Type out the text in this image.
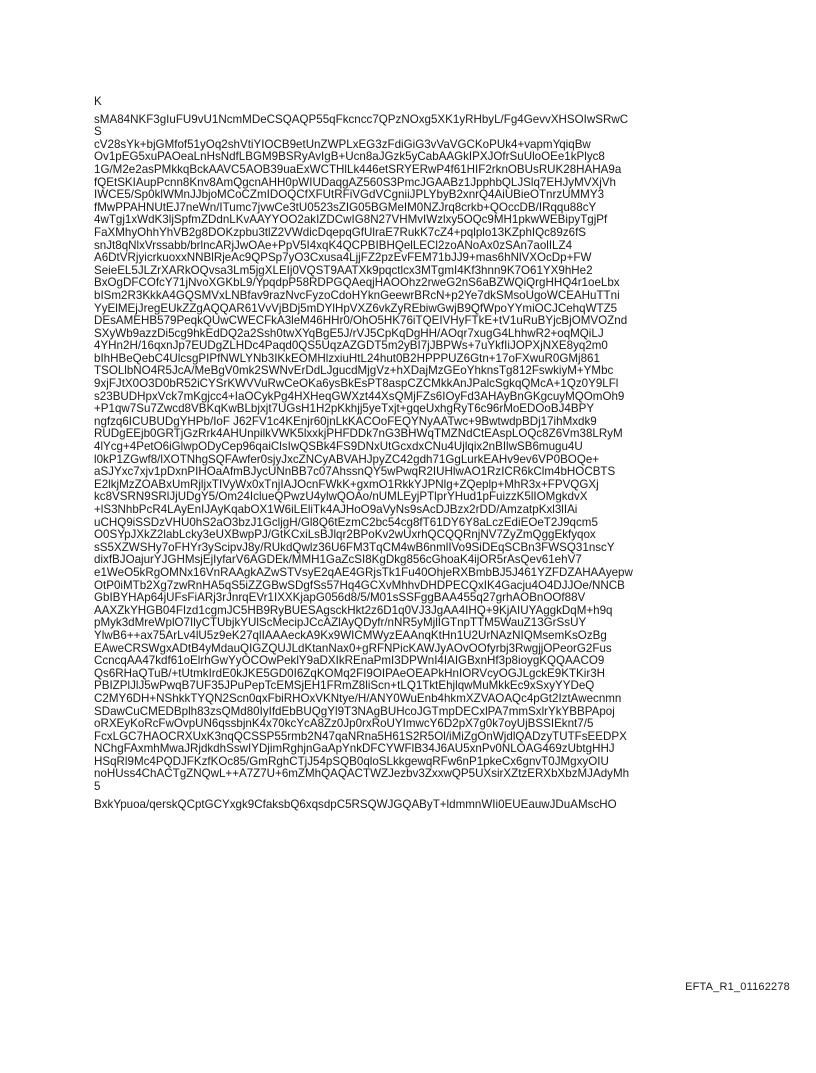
K
sMA84NKF3gIuFU9vU1NcmMDeCSQAQP55qFkcncc7QPzNOxg5XK1yRHbyL/Fg4GevvXHSOIwSRwC
S
cV28sYk+bjGMfof51yOq2shVtiYIOCB9etUnZWPLxEG3zFdiGiG3vVaVGCKoPUk4+vapmYqiqBw
Ov1pEG5xuPAOeaLnHsNdfLBGM9BSRyAvIgB+Ucn8aJGzk5yCabAAGkIPXJOfrSuUloOEe1kPlyc8
1G/M2e2asPMkkqBckAAVC5AOB39uaExWCTHlLk446etSRYERwP4f61HIF2rknOBUsRUK28HAHA9a
fQEtSKIAupPcnn8Knv8AmQgcnAHH0pWIUDaqgAZ560S3PmcJGAABz1JpphbQLJSlq7EHJyMVXjVh
IWCE5/Sp0klWMnJJbjoMCoCZmIDOQCfXFUtRFiVGdVCgniiJPLYbyB2xnrQ4AiUBieOTnrzUMMY3
fMwPPAHNUtEJ7neWn/ITumc7jvwCe3tU0523sZIG05BGMeIM0NZJrq8crkb+QOccDB/IRqqu88cY
4wTgj1xWdK3ljSpfmZDdnLKvAAYYOO2akIZDCwIG8N27VHMvIWzlxy5OQc9MH1pkwWEBipyTgjPf
FaXMhyOhhYhVB2g8DOKzpbu3tlZ2VWdicDqepqGfUlraE7RukK7cZ4+pqlplo13KZphIQc89z6fS
snJt8qNlxVrssabb/brlncARjJwOAe+PpV5I4xqK4QCPBIBHQelLECl2zoANoAx0zSAn7aolILZ4
A6DtVRjyicrkuoxxNNBlRjeAc9QPSp7yO3Cxusa4LjjFZ2pzEvFEM71bJJ9+mas6hNlVXOcDp+FW
SeieEL5JLZrXARkOQvsa3Lm5jgXLEIj0VQST9AATXk9pqctlcx3MTgmI4Kf3hnn9K7O61YX9hHe2
BxOgDFCOfcY71jNvoXGKbL9/YpqdpP58RDPGQAeqjHAOOhz2rweG2nS6aBZWQiQrgHHQ4r1oeLbx
bISm2R3KkkA4GQSMVxLNBfav9razNvcFyzoCdoHYknGeewrBRcN+p2Ye7dkSMsoUgoWCEAHuTTni
YyElMEjJregEUkZZgAQQAR61VvVjBDj5mDYlHpVXZ6vkZyREbiwGwjB9QfWpoYYmiOCJCehqWTZ5
DEsAMEHB579PeqkQUwCWECFkA3leM46HHr0/OhO5HK76iTQEIVHyFTkE+tV1uRuBYjcBjOMVOZnd
SXyWb9azzDi5cg9hkEdDQ2a2Ssh0twXYqBgE5J/rVJ5CpKqDgHH/AOqr7xugG4LhhwR2+oqMQiLJ
4YHn2H/16qxnJp7EUDgZLHDc4Paqd0QS5UqzAZGDT5m2yBI7jJBPWs+7uYkfIiJOPXjNXE8yq2m0
bIhHBeQebC4UlcsgPIPfNWLYNb3IKkEOMHlzxiuHtL24hut0B2HPPPUZ6Gtn+17oFXwuR0GMj861
TSOLlbNO4R5JcA/MeBgV0mk2SWNvErDdLJgucdMjgVz+hXDajMzGEoYhknsTg812FswkiyM+YMbc
9xjFJtX0O3D0bR52iCYSrKWVVuRwCeOKa6ysBkEsPT8aspCZCMkkAnJPalcSgkqQMcA+1Qz0Y9LFl
s23BUDHpxVck7mKgjcc4+IaOCykPg4HXHeqGWXzt44XsQMjFZs6IOyFd3AHAyBnGKgcuyMQOmOh9
+P1qw7Su7Zwcd8VBKqKwBLbjxjt7UGsH1H2pKkhjj5yeTxjt+gqeUxhgRyT6c96rMoEDOoBJ4BPY
ngfzq6ICUBUDgYHPb/IoF J62FV1c4KEnjr60jnLkKACOoFEQYNyAATwc+9BwtwdpBDj17ihMxdk9
RUDgEEjb0GRTjGzRrk4AHUnpilkVWK5lxxkjPHFDDk7nG3BHWqTMZNdCtEAspLOQc8Z6Vm38LRyM
4lYcg+4PetO6iGlwpODyCep96qaiClsIwQSBk4FS9DNxUtGcxdxCNu4Ujlqix2nBIlwSB6mugu4U
l0kP1ZGwf8/lXOTNhgSQFAwfer0sjyJxcZNCyABVAHJpyZC42gdh71GgLurkEAHv9ev6VP0BOQe+
aSJYxc7xjv1pDxnPIHOaAfmBJycUNnBB7c07AhssnQY5wPwqR2IUHlwAO1RzICR6kClm4bHOCBTS
E2lkjMzZOABxUmRjljxTIVyWx0xTnjIAJOcnFWkK+gxmO1RkkYJPNlg+ZQeplp+MhR3x+FPVQGXj
kc8VSRN9SRlJjUDgY5/Om24IclueQPwzU4ylwQOAo/nUMLEyjPTlprYHud1pFuizzK5lIOMgkdvX
+lS3NhbPcR4LAyEnIJAyKqabOX1W6iLEliTk4AJHoO9aVyNs9sAcDJBzx2rDD/AmzatpKxl3lIAi
uCHQ9iSSDzVHU0hS2aO3bzJ1GcljgH/Gl8Q6tEzmC2bc54cg8fT61DY6Y8aLczEdiEOeT2J9qcm5
O0SYpJXkZ2labLcky3eUXBwpPJ/GtKCxiLsBJlqr2BPoKv2wUxrhQCQQRnjNV7ZyZmQggEkfyqox
sS5XZWSHy7oFHYr3yScipvJ8y/RUkdQwlz36U6FM3TqCM4wB6nmlIVo9SiDEqSCBn3FWSQ31nscY
dixfBJOajurYJGHMsjEjIyfarV6AGDEk/MMH1GaZcSI8KgDkg856cGhoaK4ijOR5rAsQev61ehV7
e1WeO5kRgOMNx16VnRAAgkAZwSTVsyE2qAE4GRjsTk1Fu40OhjeRXBmbBJ5J461YZFDZAHAAyepw
OtP0iMTb2Xg7zwRnHA5qS5iZZGBwSDgfSs57Hq4GCXvMhhvDHDPECQxIK4Gacju4O4DJJOe/NNCB
GbIBYHAp64jUFsFiARj3rJnrqEVr1IXXKjapG056d8/5/M01sSSFggBAA455q27grhAOBnOOf88V
AAXZkYHGB04FIzd1cgmJC5HB9RyBUESAgsckHkt2z6D1q0VJ3JgAA4IHQ+9KjAIUYAggkDqM+h9q
pMyk3dMreWplO7IlyCTUbjkYUlScMecipJCcAZlAyQDyfr/nNR5yMjlIGTnpTTM5WauZ13GrSsUY
YlwB6++ax75ArLv4lU5z9eK27qlIAAAeckA9Kx9WICMWyzEAAnqKtHn1U2UrNAzNIQMsemKsOzBg
EAweCRSWgxADtB4yMdauQIGZQUJLdKtanNax0+gRFNPicKAWJyAOvOOfyrbj3RwgjjOPeorG2Fus
CcncqAA47kdf61oElrhGwYyOCOwPeklY9aDXIkREnaPmI3DPWnI4IAIGBxnHf3p8ioygKQQAACO9
Qs6RHaQTuB/+tUtmkIrdE0kJKE5GD0I6ZqKOMq2FI9OIPAeOEAPkHnIORVcyOGJLgckE9KTKir3H
PBIZPlJlJ5wPwqB7UF35JPuPepTcEMSjEH1FRmZ8liScn+tLQ1TktEhjlqwMuMkkEc9xSxyYYDeQ
C2MY6DH+NShkkTYQN2Scn0qxFbiRHOxVKNtye/H/ANY0WuEnb4hkmXZVAOAQc4pGt2IztAwecnmn
SDawCuCMEDBplh83zsQMd80IyIfdEbBUQgYl9T3NAgBUHcoJGTmpDECxlPA7mmSxlrYkYBBPApoj
oRXEyKoRcFwOvpUN6qssbjnK4x70kcYcA8Zz0Jp0rxRoUYImwcY6D2pX7g0k7oyUjBSSIEknt7/5
FcxLGC7HAOCRXUxK3nqQCSSP55rmb2N47qaNRna5H61S2R5Ol/iMiZgOnWjdlQADzyTUTFsEEDPX
NChgFAxmhMwaJRjdkdhSswIYDjimRghjnGaApYnkDFCYWFlB34J6AU5xnPv0NLOAG469zUbtgHHJ
HSqRl9Mc4PQDJFKzfKOc85/GmRghCTjJ54pSQB0qloSLkkgewqRFw6nP1pkeCx6gnvT0JMgxyOIU
noHUss4ChACTgZNQwL++A7Z7U+6mZMhQAQACTWZJezbv3ZxxwQP5UXsirXZtzERXbXbzMJAdyMh
5
BxkYpuoa/qerskQCptGCYxgk9CfaksbQ6xqsdpC5RSQWJGQAByT+ldmmnWIi0EUEauwJDuAMscHO
EFTA_R1_01162278
